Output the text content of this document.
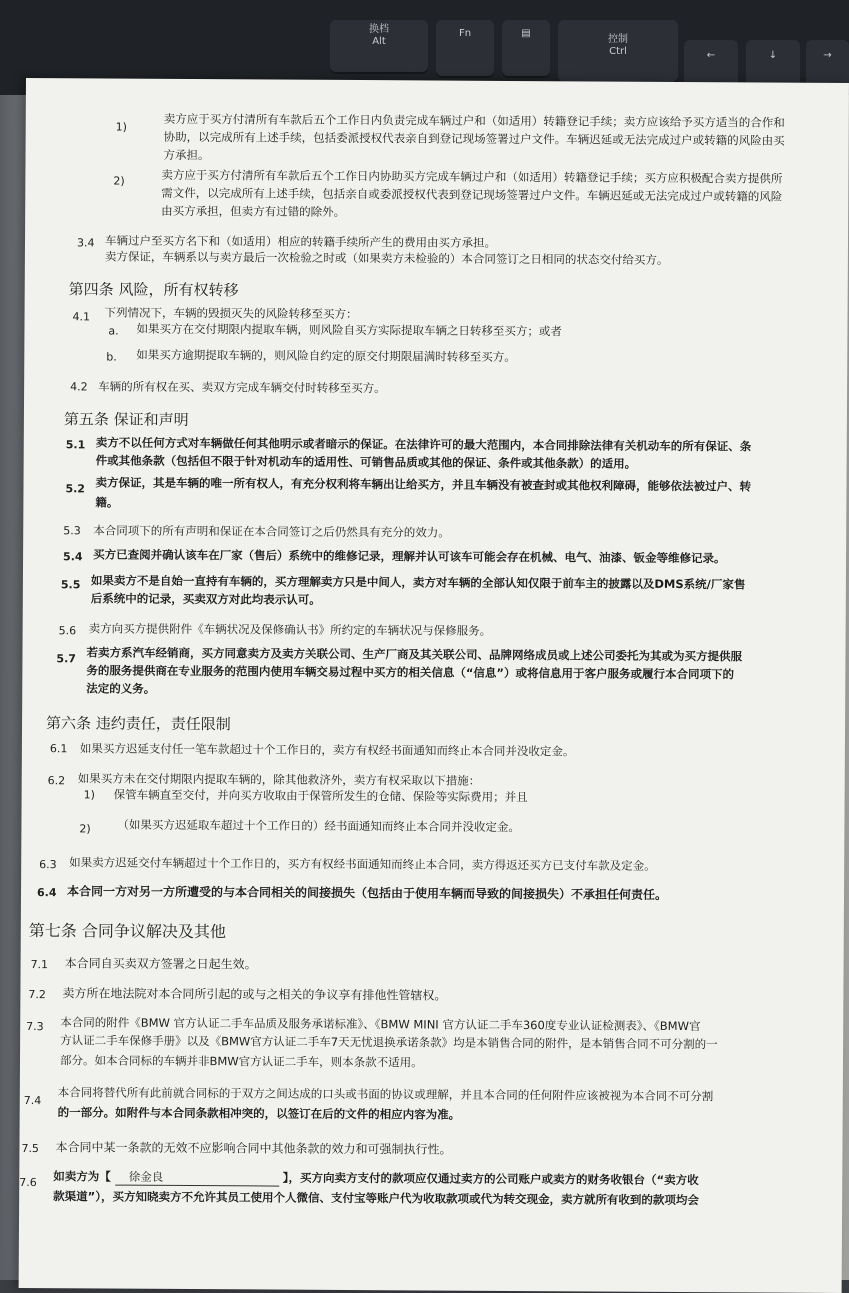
换档
Alt
Fn	▤
控制
Ctrl	←	↓	→
1)	卖方应于买方付清所有车款后五个工作日内负责完成车辆过户和（如适用）转籍登记手续；卖方应该给予买方适当的合作和
协助，以完成所有上述手续，包括委派授权代表亲自到登记现场签署过户文件。车辆迟延或无法完成过户或转籍的风险由买
方承担。
2)	卖方应于买方付清所有车款后五个工作日内协助买方完成车辆过户和（如适用）转籍登记手续；买方应积极配合卖方提供所
需文件，以完成所有上述手续，包括亲自或委派授权代表到登记现场签署过户文件。车辆迟延或无法完成过户或转籍的风险
由买方承担，但卖方有过错的除外。
3.4 车辆过户至买方名下和（如适用）相应的转籍手续所产生的费用由买方承担。
卖方保证，车辆系以与卖方最后一次检验之时或（如果卖方未检验的）本合同签订之日相同的状态交付给买方。
第四条 风险，所有权转移
4.1 下列情况下，车辆的毁损灭失的风险转移至买方：
a. 如果买方在交付期限内提取车辆，则风险自买方实际提取车辆之日转移至买方；或者
b. 如果买方逾期提取车辆的，则风险自约定的原交付期限届满时转移至买方。
4.2 车辆的所有权在买、卖双方完成车辆交付时转移至买方。
第五条 保证和声明
5.1 卖方不以任何方式对车辆做任何其他明示或者暗示的保证。在法律许可的最大范围内，本合同排除法律有关机动车的所有保证、条
件或其他条款（包括但不限于针对机动车的适用性、可销售品质或其他的保证、条件或其他条款）的适用。
5.2 卖方保证，其是车辆的唯一所有权人，有充分权利将车辆出让给买方，并且车辆没有被查封或其他权利障碍，能够依法被过户、转
籍。
5.3 本合同项下的所有声明和保证在本合同签订之后仍然具有充分的效力。
5.4 买方已查阅并确认该车在厂家（售后）系统中的维修记录，理解并认可该车可能会存在机械、电气、油漆、钣金等维修记录。
5.5 如果卖方不是自始一直持有车辆的，买方理解卖方只是中间人，卖方对车辆的全部认知仅限于前车主的披露以及DMS系统/厂家售
后系统中的记录，买卖双方对此均表示认可。
5.6 卖方向买方提供附件《车辆状况及保修确认书》所约定的车辆状况与保修服务。
5.7 若卖方系汽车经销商，买方同意卖方及卖方关联公司、生产厂商及其关联公司、品牌网络成员或上述公司委托为其或为买方提供服
务的服务提供商在专业服务的范围内使用车辆交易过程中买方的相关信息（“信息”）或将信息用于客户服务或履行本合同项下的
法定的义务。
第六条 违约责任，责任限制
6.1 如果买方迟延支付任一笔车款超过十个工作日的，卖方有权经书面通知而终止本合同并没收定金。
6.2 如果买方未在交付期限内提取车辆的，除其他救济外，卖方有权采取以下措施：
1) 保管车辆直至交付，并向买方收取由于保管所发生的仓储、保险等实际费用；并且
2) （如果买方迟延取车超过十个工作日的）经书面通知而终止本合同并没收定金。
6.3 如果卖方迟延交付车辆超过十个工作日的，买方有权经书面通知而终止本合同，卖方得返还买方已支付车款及定金。
6.4 本合同一方对另一方所遭受的与本合同相关的间接损失（包括由于使用车辆而导致的间接损失）不承担任何责任。
第七条 合同争议解决及其他
7.1 本合同自买卖双方签署之日起生效。
7.2 卖方所在地法院对本合同所引起的或与之相关的争议享有排他性管辖权。
7.3 本合同的附件《BMW 官方认证二手车品质及服务承诺标准》、《BMW MINI 官方认证二手车360度专业认证检测表》、《BMW官
方认证二手车保修手册》以及《BMW官方认证二手车7天无忧退换承诺条款》均是本销售合同的附件，是本销售合同不可分割的一
部分。如本合同标的车辆并非BMW官方认证二手车，则本条款不适用。
7.4 本合同将替代所有此前就合同标的于双方之间达成的口头或书面的协议或理解，并且本合同的任何附件应该被视为本合同不可分割
的一部分。如附件与本合同条款相冲突的，以签订在后的文件的相应内容为准。
7.5 本合同中某一条款的无效不应影响合同中其他条款的效力和可强制执行性。
7.6 如卖方为【 徐金良	】，买方向卖方支付的款项应仅通过卖方的公司账户或卖方的财务收银台（“卖方收
款渠道”），买方知晓卖方不允许其员工使用个人微信、支付宝等账户代为收取款项或代为转交现金，卖方就所有收到的款项均会
